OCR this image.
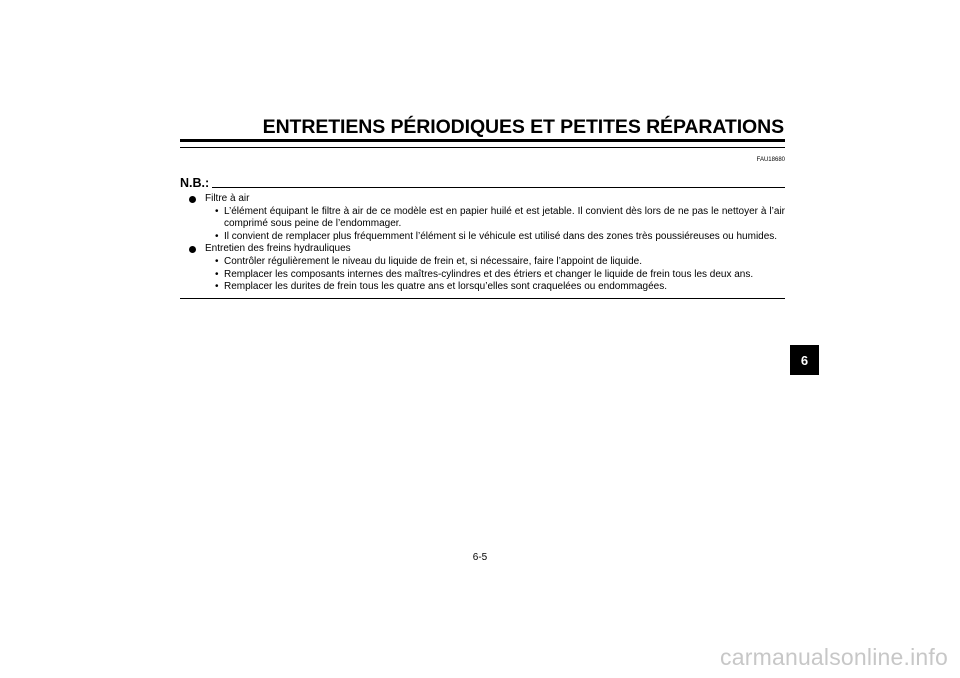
ENTRETIENS PÉRIODIQUES ET PETITES RÉPARATIONS
FAU18680
N.B.:
Filtre à air
• L’élément équipant le filtre à air de ce modèle est en papier huilé et est jetable. Il convient dès lors de ne pas le nettoyer à l’air comprimé sous peine de l’endommager.
• Il convient de remplacer plus fréquemment l’élément si le véhicule est utilisé dans des zones très poussiéreuses ou humides.
Entretien des freins hydrauliques
• Contrôler régulièrement le niveau du liquide de frein et, si nécessaire, faire l’appoint de liquide.
• Remplacer les composants internes des maîtres-cylindres et des étriers et changer le liquide de frein tous les deux ans.
• Remplacer les durites de frein tous les quatre ans et lorsqu’elles sont craquelées ou endommagées.
6-5
6
carmanualsonline.info
